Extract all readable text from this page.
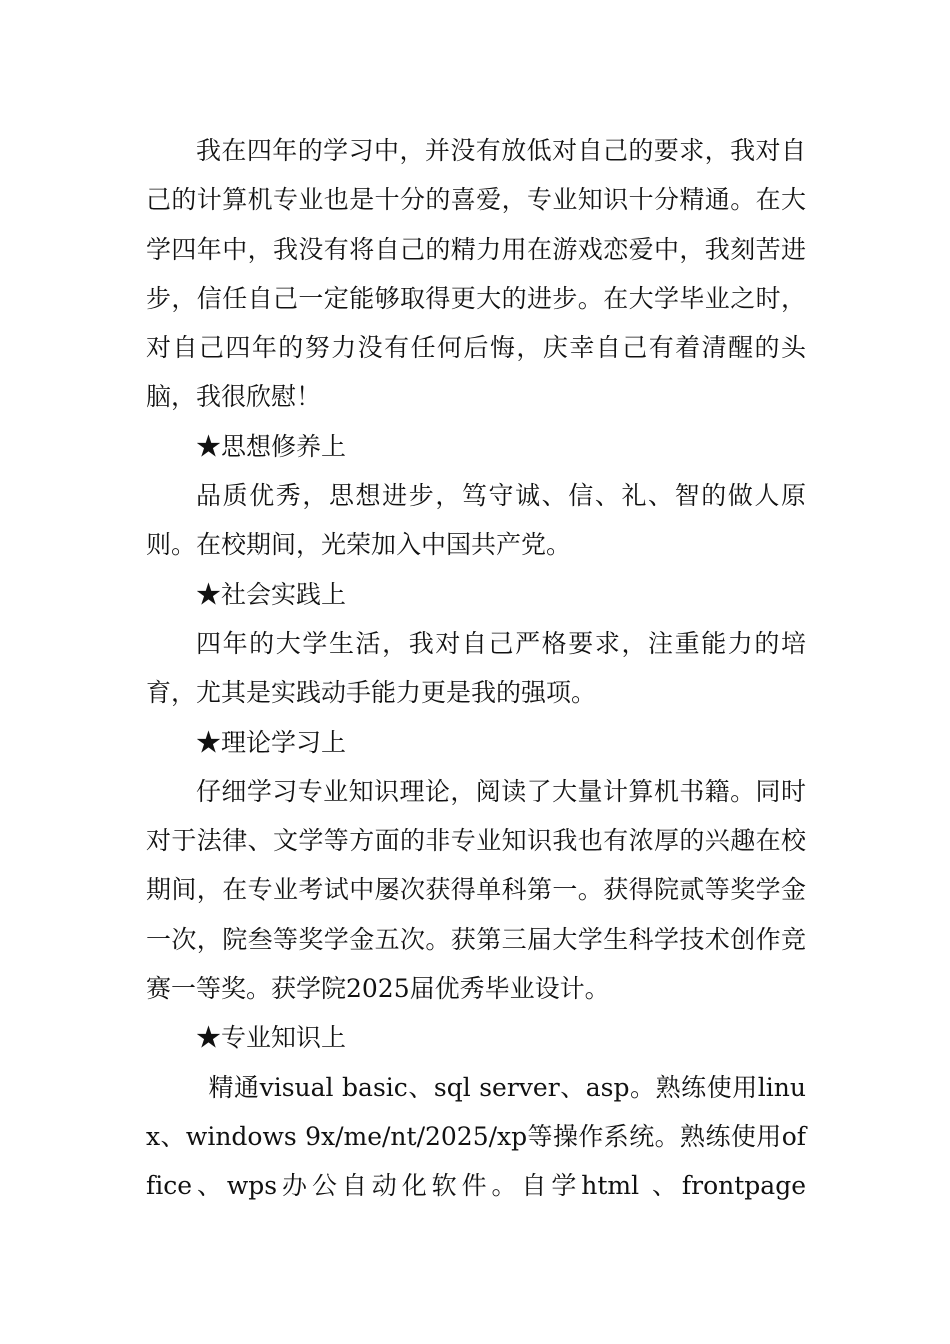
我在四年的学习中，并没有放低对自己的要求，我对自己的计算机专业也是十分的喜爱，专业知识十分精通。在大学四年中，我没有将自己的精力用在游戏恋爱中，我刻苦进步，信任自己一定能够取得更大的进步。在大学毕业之时，对自己四年的努力没有任何后悔，庆幸自己有着清醒的头脑，我很欣慰！

★思想修养上

品质优秀，思想进步，笃守诚、信、礼、智的做人原则。在校期间，光荣加入中国共产党。

★社会实践上

四年的大学生活，我对自己严格要求，注重能力的培育，尤其是实践动手能力更是我的强项。

★理论学习上

仔细学习专业知识理论，阅读了大量计算机书籍。同时对于法律、文学等方面的非专业知识我也有浓厚的兴趣在校期间，在专业考试中屡次获得单科第一。获得院贰等奖学金一次，院叁等奖学金五次。获第三届大学生科学技术创作竞赛一等奖。获学院2025届优秀毕业设计。

★专业知识上

精通visual basic、sql server、asp。熟练使用linux、windows 9x/me/nt/2025/xp等操作系统。熟练使用office、wps办公自动化软件。自学html 、frontpage
